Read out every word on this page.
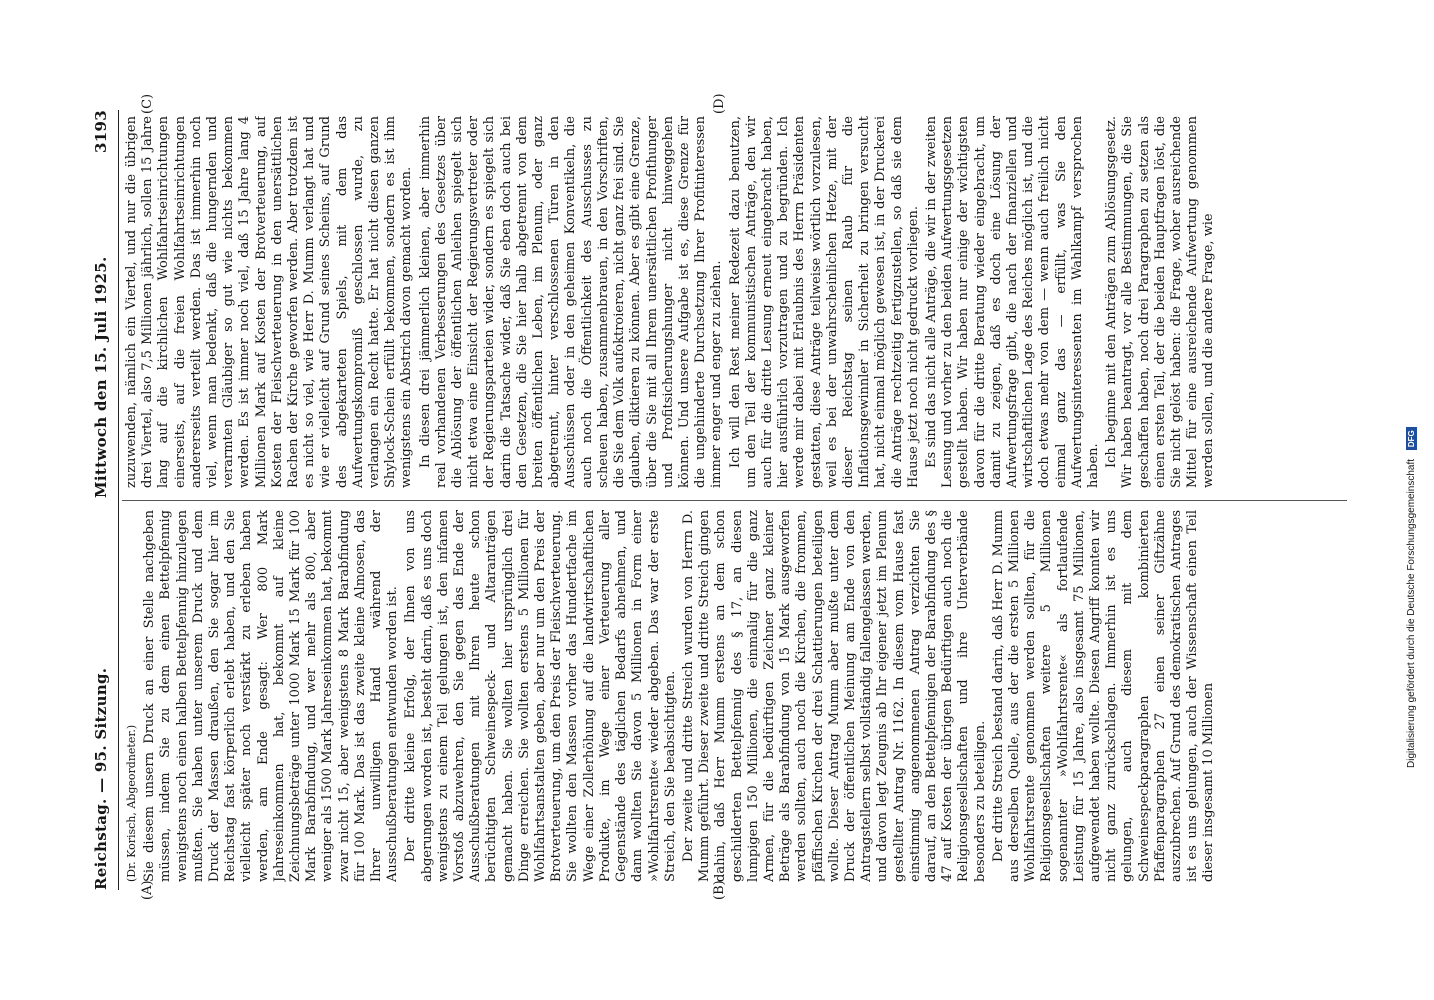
Reichstag. — 95. Sitzung.
Mittwoch den 15. Juli 1925.
3193
(A)	(B)
(C)	(D)
(Dr. Korisch, Abgeordneter.) Sie diesem unsern Druck an einer Stelle nachgeben müssen, indem Sie zu dem einen Bettelpfennig wenigstens noch einen halben Bettelpfennig hinzulegen mußten. Sie haben unter unserem Druck und dem Druck der Massen draußen, den Sie sogar hier im Reichstag fast körperlich erlebt haben, und den Sie vielleicht später noch verstärkt zu erleben haben werden, am Ende gesagt: Wer 800 Mark Jahreseinkommen hat, bekommt auf kleine Zeichnungsbeträge unter 1000 Mark 15 Mark für 100 Mark Barabfindung, und wer mehr als 800, aber weniger als 1500 Mark Jahreseinkommen hat, bekommt zwar nicht 15, aber wenigstens 8 Mark Barabfindung für 100 Mark. Das ist das zweite kleine Almosen, das Ihrer unwilligen Hand während der Ausschußberatungen entwunden worden ist. Der dritte kleine Erfolg, der Ihnen von uns abgerungen worden ist, besteht darin, daß es uns doch wenigstens zu einem Teil gelungen ist, den infamen Vorstoß abzuwehren, den Sie gegen das Ende der Ausschußberatungen mit Ihren heute schon berüchtigten Schweinespeck- und Altaranträgen gemacht haben. Sie wollten hier ursprünglich drei Dinge erreichen. Sie wollten erstens 5 Millionen für Wohlfahrtsanstalten geben, aber nur um den Preis der Brotverteuerung, um den Preis der Fleischverteuerung. Sie wollten den Massen vorher das Hundertfache im Wege einer Zollerhöhung auf die landwirtschaftlichen Produkte, im Wege einer Verteuerung aller Gegenstände des täglichen Bedarfs abnehmen, und dann wollten Sie davon 5 Millionen in Form einer »Wohlfahrtsrente« wieder abgeben. Das war der erste Streich, den Sie beabsichtigten. Der zweite und dritte Streich wurden von Herrn D. Mumm geführt. Dieser zweite und dritte Streich gingen dahin, daß Herr Mumm erstens an dem schon geschilderten Bettelpfennig des § 17, an diesen lumpigen 150 Millionen, die einmalig für die ganz Armen, für die bedürftigen Zeichner ganz kleiner Beträge als Barabfindung von 15 Mark ausgeworfen werden sollten, auch noch die Kirchen, die frommen, pfäffischen Kirchen der drei Schattierungen beteiligen wollte. Dieser Antrag Mumm aber mußte unter dem Druck der öffentlichen Meinung am Ende von den Antragstellern selbst vollständig fallengelassen werden, und davon legt Zeugnis ab Ihr eigener jetzt im Plenum gestellter Antrag Nr. 1162. In diesem vom Hause fast einstimmig angenommenen Antrag verzichten Sie darauf, an den Bettelpfennigen der Barabfindung des § 47 auf Kosten der übrigen Bedürftigen auch noch die Religionsgesellschaften und ihre Unterverbände besonders zu beteiligen. Der dritte Streich bestand darin, daß Herr D. Mumm aus derselben Quelle, aus der die ersten 5 Millionen Wohlfahrtsrente genommen werden sollten, für die Religionsgesellschaften weitere 5 Millionen sogenannter »Wohlfahrtsrente« als fortlaufende Leistung für 15 Jahre, also insgesamt 75 Millionen, aufgewendet haben wollte. Diesen Angriff konnten wir nicht ganz zurückschlagen. Immerhin ist es uns gelungen, auch diesem mit dem Schweinespeckparagraphen kombinierten Pfaffenparagraphen 27 einen seiner Giftzähne auszubrechen. Auf Grund des demokratischen Antrages ist es uns gelungen, auch der Wissenschaft einen Teil dieser insgesamt 10 Millionen

zuzuwenden, nämlich ein Viertel, und nur die übrigen drei Viertel, also 7,5 Millionen jährlich, sollen 15 Jahre lang auf die kirchlichen Wohlfahrtseinrichtungen einerseits, auf die freien Wohlfahrtseinrichtungen andererseits verteilt werden. Das ist immerhin noch viel, wenn man bedenkt, daß die hungernden und verarmten Gläubiger so gut wie nichts bekommen werden. Es ist immer noch viel, daß 15 Jahre lang 4 Millionen Mark auf Kosten der Brotverteuerung, auf Kosten der Fleischverteuerung in den unersättlichen Rachen der Kirche geworfen werden. Aber trotzdem ist es nicht so viel, wie Herr D. Mumm verlangt hat und wie er vielleicht auf Grund seines Scheins, auf Grund des abgekarteten Spiels, mit dem das Aufwertungskompromiß geschlossen wurde, zu verlangen ein Recht hatte. Er hat nicht diesen ganzen Shylock-Schein erfüllt bekommen, sondern es ist ihm wenigstens ein Abstrich davon gemacht worden. In diesen drei jämmerlich kleinen, aber immerhin real vorhandenen Verbesserungen des Gesetzes über die Ablösung der öffentlichen Anleihen spiegelt sich nicht etwa eine Einsicht der Regierungsvertreter oder der Regierungsparteien wider, sondern es spiegelt sich darin die Tatsache wider, daß Sie eben doch auch bei den Gesetzen, die Sie hier halb abgetrennt von dem breiten öffentlichen Leben, im Plenum, oder ganz abgetrennt, hinter verschlossenen Türen in den Ausschüssen oder in den geheimen Konventikeln, die auch noch die Öffentlichkeit des Ausschusses zu scheuen haben, zusammenbrauen, in den Vorschriften, die Sie dem Volk aufoktroieren, nicht ganz frei sind. Sie glauben, diktieren zu können. Aber es gibt eine Grenze, über die Sie mit all Ihrem unersättlichen Profithunger und Profitsicherungshunger nicht hinweggehen können. Und unsere Aufgabe ist es, diese Grenze für die ungehinderte Durchsetzung Ihrer Profitinteressen immer enger und enger zu ziehen. Ich will den Rest meiner Redezeit dazu benutzen, um den Teil der kommunistischen Anträge, den wir auch für die dritte Lesung erneut eingebracht haben, hier ausführlich vorzutragen und zu begründen. Ich werde mir dabei mit Erlaubnis des Herrn Präsidenten gestatten, diese Anträge teilweise wörtlich vorzulesen, weil es bei der unwahrscheinlichen Hetze, mit der dieser Reichstag seinen Raub für die Inflationsgewinnler in Sicherheit zu bringen versucht hat, nicht einmal möglich gewesen ist, in der Druckerei die Anträge rechtzeitig fertigzustellen, so daß sie dem Hause jetzt noch nicht gedruckt vorliegen. Es sind das nicht alle Anträge, die wir in der zweiten Lesung und vorher zu den beiden Aufwertungsgesetzen gestellt haben. Wir haben nur einige der wichtigsten davon für die dritte Beratung wieder eingebracht, um damit zu zeigen, daß es doch eine Lösung der Aufwertungsfrage gibt, die nach der finanziellen und wirtschaftlichen Lage des Reiches möglich ist, und die doch etwas mehr von dem — wenn auch freilich nicht einmal ganz das — erfüllt, was Sie den Aufwertungsinteressenten im Wahlkampf versprochen haben. Ich beginne mit den Anträgen zum Ablösungsgesetz. Wir haben beantragt, vor alle Bestimmungen, die Sie geschaffen haben, noch drei Paragraphen zu setzen als einen ersten Teil, der die beiden Hauptfragen löst, die Sie nicht gelöst haben: die Frage, woher ausreichende Mittel für eine ausreichende Aufwertung genommen werden sollen, und die andere Frage, wie

Digitalisierung gefördert durch die Deutsche Forschungsgemeinschaft DFG
